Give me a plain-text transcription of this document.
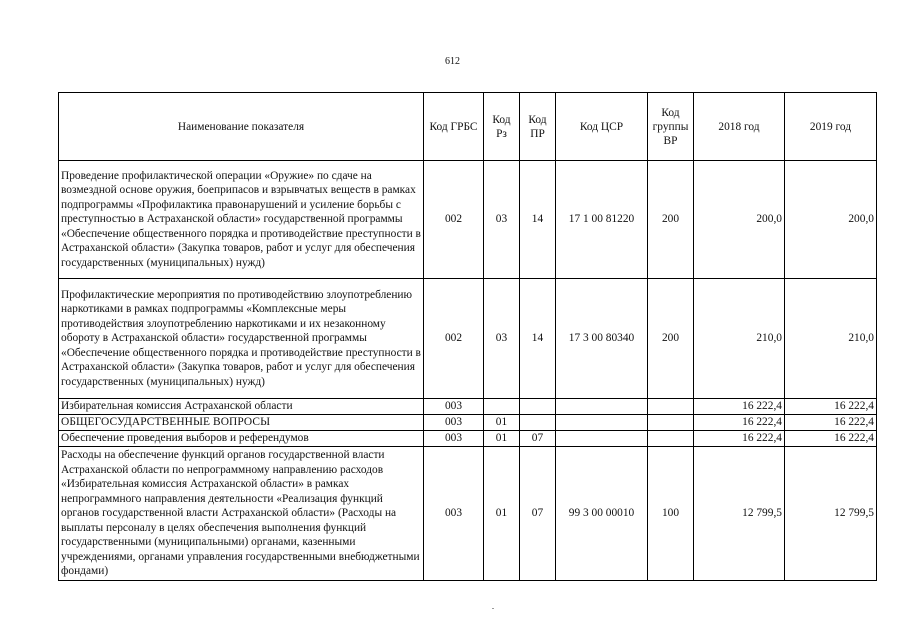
612
Наименование показателя	Код ГРБС	Код Рз	Код ПР	Код ЦСР	Код группы ВР	2018 год	2019 год
Проведение профилактической операции «Оружие» по сдаче на возмездной основе оружия, боеприпасов и взрывчатых веществ в рамках подпрограммы «Профилактика правонарушений и усиление борьбы с преступностью в Астраханской области» государственной программы «Обеспечение общественного порядка и противодействие преступности в Астраханской области» (Закупка товаров, работ и услуг для обеспечения государственных (муниципальных) нужд)	002	03	14	17 1 00 81220	200	200,0	200,0
Профилактические мероприятия по противодействию злоупотреблению наркотиками в рамках подпрограммы «Комплексные меры противодействия злоупотреблению наркотиками и их незаконному обороту в Астраханской области» государственной программы «Обеспечение общественного порядка и противодействие преступности в Астраханской области» (Закупка товаров, работ и услуг для обеспечения государственных (муниципальных) нужд)	002	03	14	17 3 00 80340	200	210,0	210,0
Избирательная комиссия Астраханской области	003					16 222,4	16 222,4
ОБЩЕГОСУДАРСТВЕННЫЕ ВОПРОСЫ	003	01				16 222,4	16 222,4
Обеспечение проведения выборов и референдумов	003	01	07			16 222,4	16 222,4
Расходы на обеспечение функций органов государственной власти Астраханской области по непрограммному направлению расходов «Избирательная комиссия Астраханской области» в рамках непрограммного направления деятельности «Реализация функций органов государственной власти Астраханской области» (Расходы на выплаты персоналу в целях обеспечения выполнения функций государственными (муниципальными) органами, казенными учреждениями, органами управления государственными внебюджетными фондами)	003	01	07	99 3 00 00010	100	12 799,5	12 799,5
